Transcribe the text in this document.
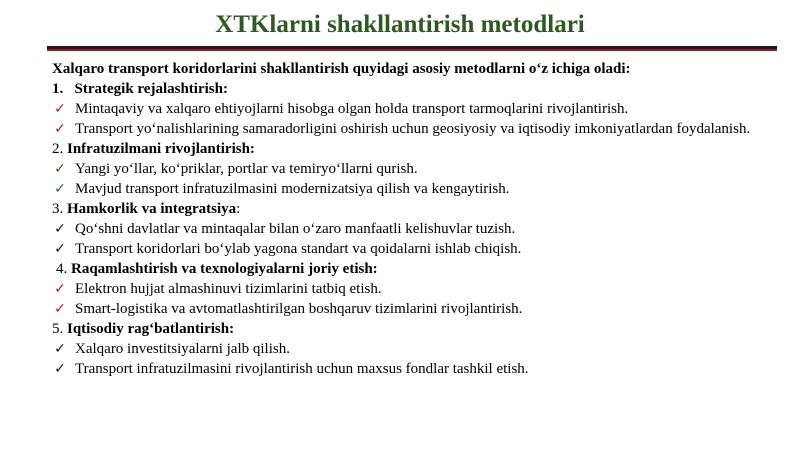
XTKlarni shakllantirish metodlari
Xalqaro transport koridorlarini shakllantirish quyidagi asosiy metodlarni o‘z ichiga oladi:
1. Strategik rejalashtirish:
✓ Mintaqaviy va xalqaro ehtiyojlarni hisobga olgan holda transport tarmoqlarini rivojlantirish.
✓ Transport yo‘nalishlarining samaradorligini oshirish uchun geosiyosiy va iqtisodiy imkoniyatlardan foydalanish.
2. Infratuzilmani rivojlantirish:
✓ Yangi yo‘llar, ko‘priklar, portlar va temiryo‘llarni qurish.
✓ Mavjud transport infratuzilmasini modernizatsiya qilish va kengaytirish.
3. Hamkorlik va integratsiya:
✓ Qo‘shni davlatlar va mintaqalar bilan o‘zaro manfaatli kelishuvlar tuzish.
✓ Transport koridorlari bo‘ylab yagona standart va qoidalarni ishlab chiqish.
4. Raqamlashtirish va texnologiyalarni joriy etish:
✓ Elektron hujjat almashinuvi tizimlarini tatbiq etish.
✓ Smart-logistika va avtomatlashtirilgan boshqaruv tizimlarini rivojlantirish.
5. Iqtisodiy rag‘batlantirish:
✓ Xalqaro investitsiyalarni jalb qilish.
✓ Transport infratuzilmasini rivojlantirish uchun maxsus fondlar tashkil etish.
